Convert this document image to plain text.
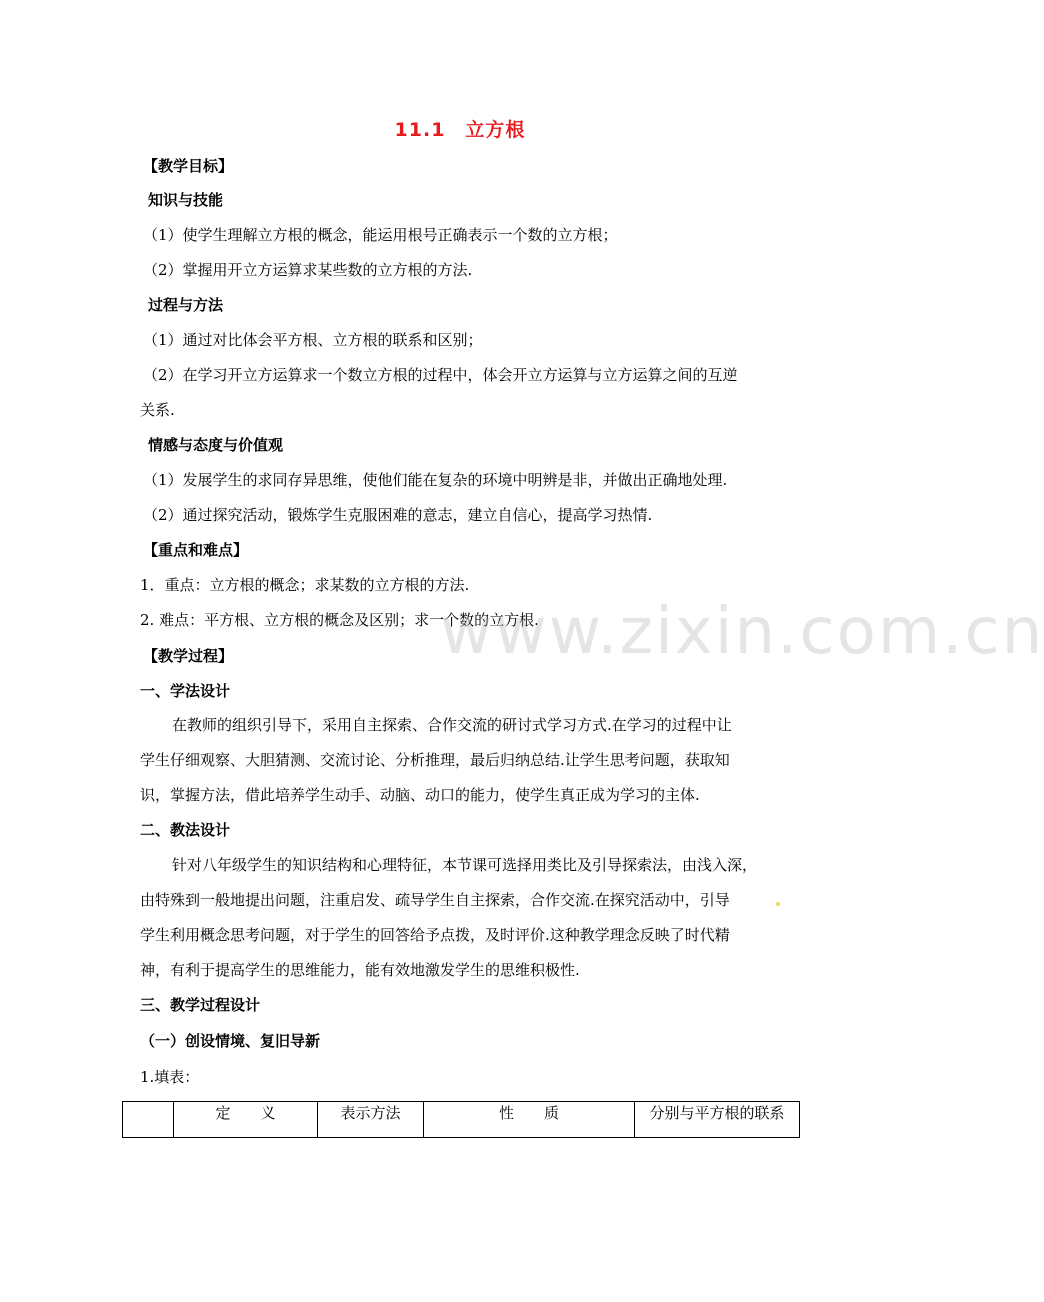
11.1　立方根
【教学目标】
知识与技能
（1）使学生理解立方根的概念，能运用根号正确表示一个数的立方根；
（2）掌握用开立方运算求某些数的立方根的方法.
过程与方法
（1）通过对比体会平方根、立方根的联系和区别；
（2）在学习开立方运算求一个数立方根的过程中，体会开立方运算与立方运算之间的互逆
关系.
情感与态度与价值观
（1）发展学生的求同存异思维，使他们能在复杂的环境中明辨是非，并做出正确地处理.
（2）通过探究活动，锻炼学生克服困难的意志，建立自信心，提高学习热情.
【重点和难点】
1．重点：立方根的概念；求某数的立方根的方法.
2. 难点：平方根、立方根的概念及区别；求一个数的立方根.
www.zixin.com.cn
【教学过程】
一、学法设计
在教师的组织引导下，采用自主探索、合作交流的研讨式学习方式.在学习的过程中让
学生仔细观察、大胆猜测、交流讨论、分析推理，最后归纳总结.让学生思考问题，获取知
识，掌握方法，借此培养学生动手、动脑、动口的能力，使学生真正成为学习的主体.
二、教法设计
针对八年级学生的知识结构和心理特征，本节课可选择用类比及引导探索法，由浅入深，
由特殊到一般地提出问题，注重启发、疏导学生自主探索，合作交流.在探究活动中，引导
学生利用概念思考问题，对于学生的回答给予点拨，及时评价.这种教学理念反映了时代精
神，有利于提高学生的思维能力，能有效地激发学生的思维积极性.
三、教学过程设计
（一）创设情境、复旧导新
1.填表：
	定　　义	表示方法	性　　质	分别与平方根的联系
